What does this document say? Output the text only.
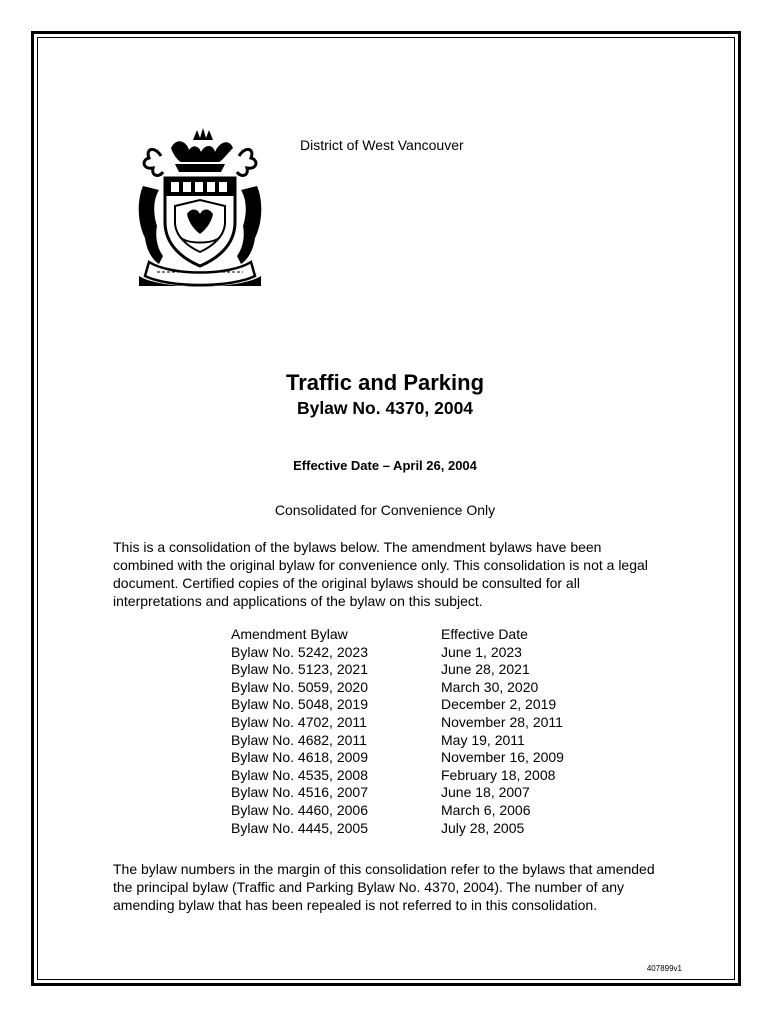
District of West Vancouver
Traffic and Parking
Bylaw No. 4370, 2004
Effective Date – April 26, 2004
Consolidated for Convenience Only
This is a consolidation of the bylaws below. The amendment bylaws have been combined with the original bylaw for convenience only. This consolidation is not a legal document. Certified copies of the original bylaws should be consulted for all interpretations and applications of the bylaw on this subject.
Amendment Bylaw	Effective Date
Bylaw No. 5242, 2023	June 1, 2023
Bylaw No. 5123, 2021	June 28, 2021
Bylaw No. 5059, 2020	March 30, 2020
Bylaw No. 5048, 2019	December 2, 2019
Bylaw No. 4702, 2011	November 28, 2011
Bylaw No. 4682, 2011	May 19, 2011
Bylaw No. 4618, 2009	November 16, 2009
Bylaw No. 4535, 2008	February 18, 2008
Bylaw No. 4516, 2007	June 18, 2007
Bylaw No. 4460, 2006	March 6, 2006
Bylaw No. 4445, 2005	July 28, 2005
The bylaw numbers in the margin of this consolidation refer to the bylaws that amended the principal bylaw (Traffic and Parking Bylaw No. 4370, 2004). The number of any amending bylaw that has been repealed is not referred to in this consolidation.
407899v1
